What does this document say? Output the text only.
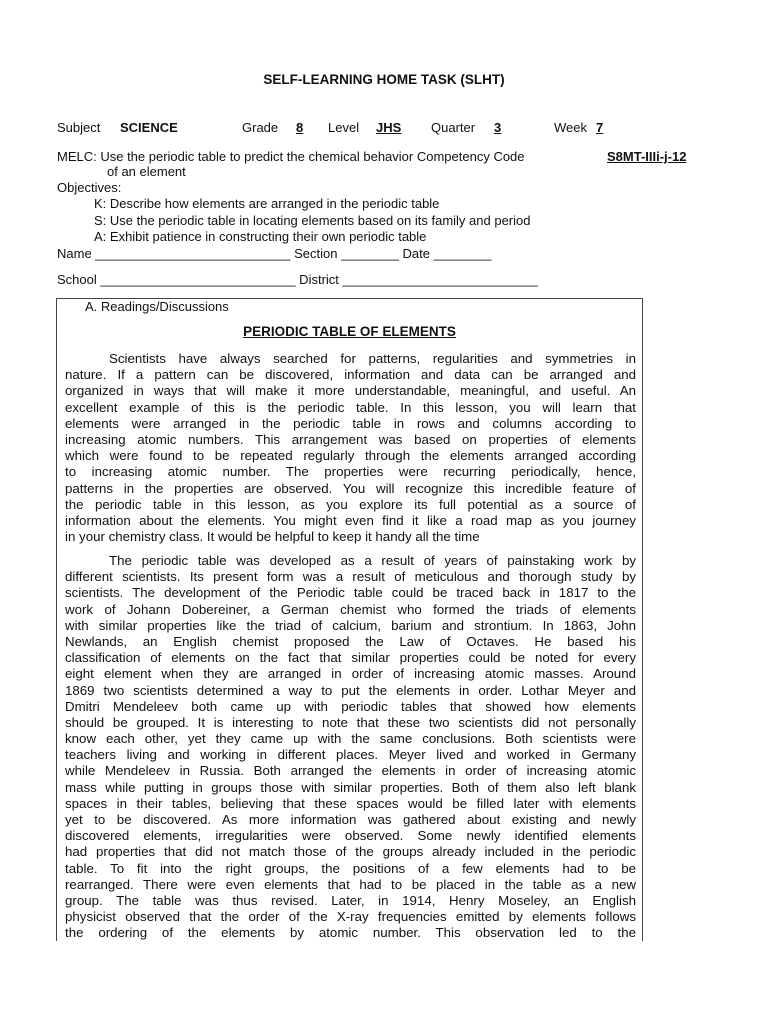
SELF-LEARNING HOME TASK (SLHT)
Subject SCIENCE	Grade 8 Level JHS Quarter 3	Week 7
MELC: Use the periodic table to predict the chemical behavior Competency Code	S8MT-IIIi-j-12
of an element
Objectives:
K: Describe how elements are arranged in the periodic table
S: Use the periodic table in locating elements based on its family and period
A: Exhibit patience in constructing their own periodic table
Name ___________________________ Section ________ Date ________
School ___________________________ District ___________________________
A. Readings/Discussions
PERIODIC TABLE OF ELEMENTS
Scientists have always searched for patterns, regularities and symmetries in
nature. If a pattern can be discovered, information and data can be arranged and
organized in ways that will make it more understandable, meaningful, and useful. An
excellent example of this is the periodic table. In this lesson, you will learn that
elements were arranged in the periodic table in rows and columns according to
increasing atomic numbers. This arrangement was based on properties of elements
which were found to be repeated regularly through the elements arranged according
to increasing atomic number. The properties were recurring periodically, hence,
patterns in the properties are observed. You will recognize this incredible feature of
the periodic table in this lesson, as you explore its full potential as a source of
information about the elements. You might even find it like a road map as you journey
in your chemistry class. It would be helpful to keep it handy all the time
The periodic table was developed as a result of years of painstaking work by
different scientists. Its present form was a result of meticulous and thorough study by
scientists. The development of the Periodic table could be traced back in 1817 to the
work of Johann Dobereiner, a German chemist who formed the triads of elements
with similar properties like the triad of calcium, barium and strontium. In 1863, John
Newlands, an English chemist proposed the Law of Octaves. He based his
classification of elements on the fact that similar properties could be noted for every
eight element when they are arranged in order of increasing atomic masses. Around
1869 two scientists determined a way to put the elements in order. Lothar Meyer and
Dmitri Mendeleev both came up with periodic tables that showed how elements
should be grouped. It is interesting to note that these two scientists did not personally
know each other, yet they came up with the same conclusions. Both scientists were
teachers living and working in different places. Meyer lived and worked in Germany
while Mendeleev in Russia. Both arranged the elements in order of increasing atomic
mass while putting in groups those with similar properties. Both of them also left blank
spaces in their tables, believing that these spaces would be filled later with elements
yet to be discovered. As more information was gathered about existing and newly
discovered elements, irregularities were observed. Some newly identified elements
had properties that did not match those of the groups already included in the periodic
table. To fit into the right groups, the positions of a few elements had to be
rearranged. There were even elements that had to be placed in the table as a new
group. The table was thus revised. Later, in 1914, Henry Moseley, an English
physicist observed that the order of the X-ray frequencies emitted by elements follows
the ordering of the elements by atomic number. This observation led to the
